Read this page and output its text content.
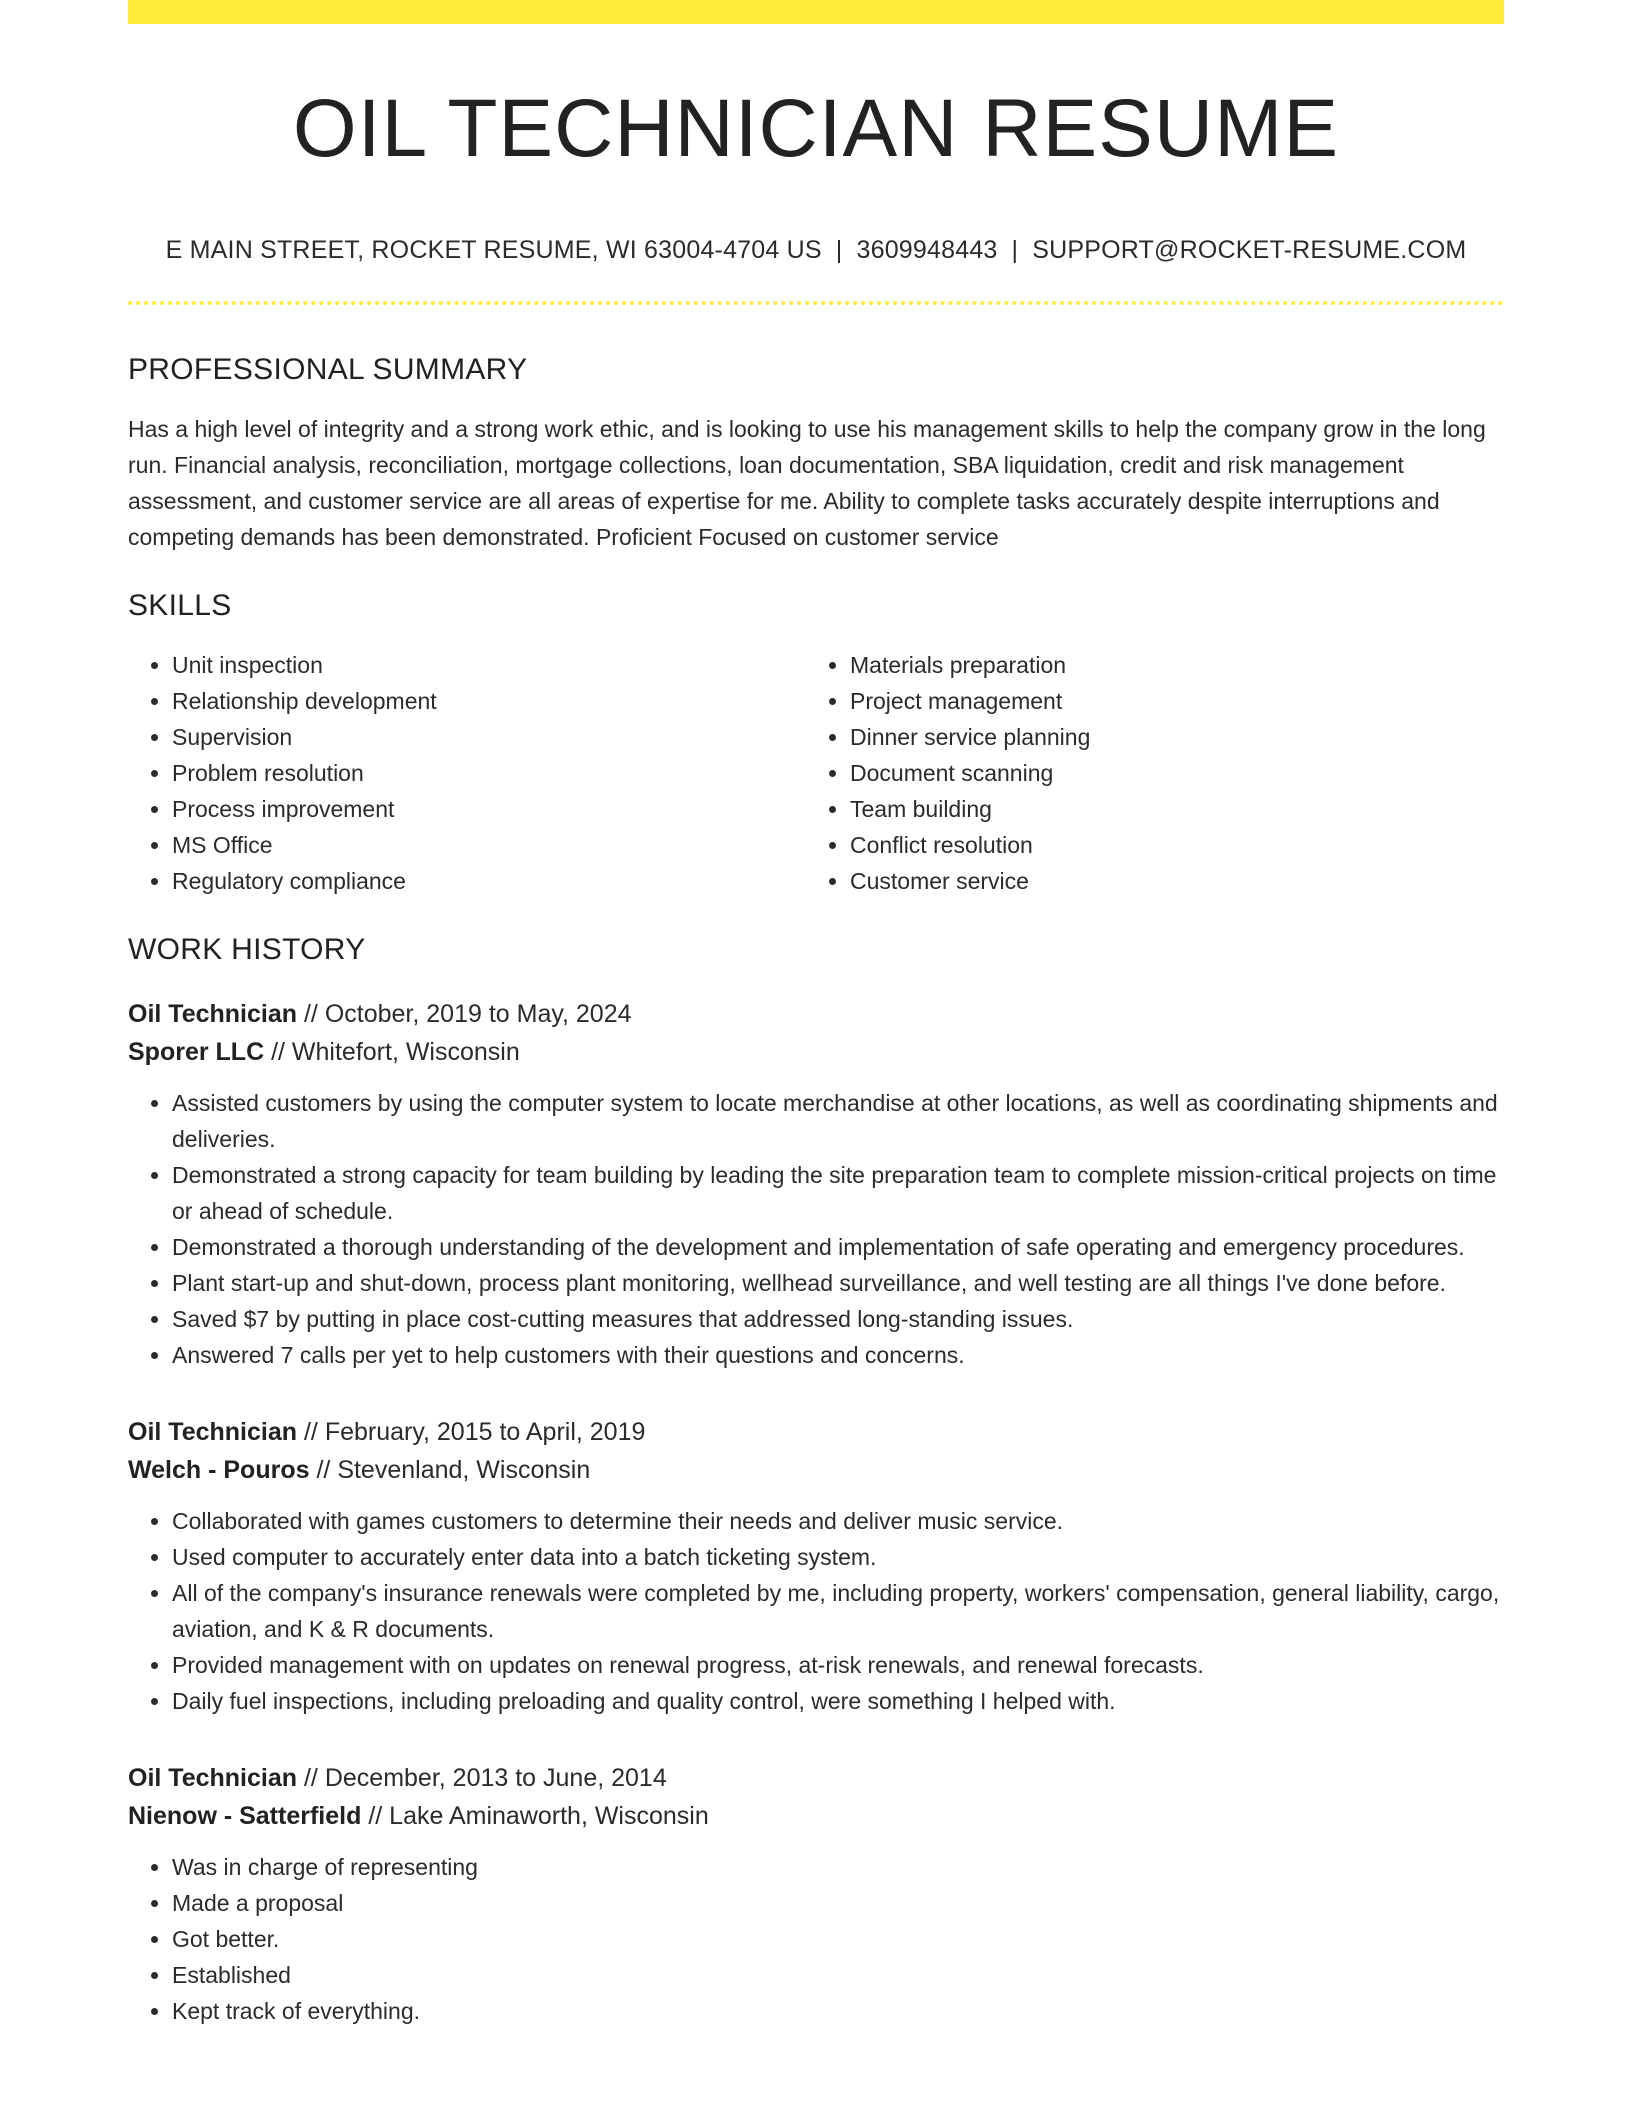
OIL TECHNICIAN RESUME
E MAIN STREET, ROCKET RESUME, WI 63004-4704 US | 3609948443 | SUPPORT@ROCKET-RESUME.COM
PROFESSIONAL SUMMARY

Has a high level of integrity and a strong work ethic, and is looking to use his management skills to help the company grow in the long run. Financial analysis, reconciliation, mortgage collections, loan documentation, SBA liquidation, credit and risk management assessment, and customer service are all areas of expertise for me. Ability to complete tasks accurately despite interruptions and competing demands has been demonstrated. Proficient Focused on customer service

SKILLS
• Unit inspection
• Relationship development
• Supervision
• Problem resolution
• Process improvement
• MS Office
• Regulatory compliance
• Materials preparation
• Project management
• Dinner service planning
• Document scanning
• Team building
• Conflict resolution
• Customer service
WORK HISTORY
Oil Technician // October, 2019 to May, 2024
Sporer LLC // Whitefort, Wisconsin
• Assisted customers by using the computer system to locate merchandise at other locations, as well as coordinating shipments and deliveries.
• Demonstrated a strong capacity for team building by leading the site preparation team to complete mission-critical projects on time or ahead of schedule.
• Demonstrated a thorough understanding of the development and implementation of safe operating and emergency procedures.
• Plant start-up and shut-down, process plant monitoring, wellhead surveillance, and well testing are all things I've done before.
• Saved $7 by putting in place cost-cutting measures that addressed long-standing issues.
• Answered 7 calls per yet to help customers with their questions and concerns.
Oil Technician // February, 2015 to April, 2019
Welch - Pouros // Stevenland, Wisconsin
• Collaborated with games customers to determine their needs and deliver music service.
• Used computer to accurately enter data into a batch ticketing system.
• All of the company's insurance renewals were completed by me, including property, workers' compensation, general liability, cargo, aviation, and K & R documents.
• Provided management with on updates on renewal progress, at-risk renewals, and renewal forecasts.
• Daily fuel inspections, including preloading and quality control, were something I helped with.
Oil Technician // December, 2013 to June, 2014
Nienow - Satterfield // Lake Aminaworth, Wisconsin
• Was in charge of representing
• Made a proposal
• Got better.
• Established
• Kept track of everything.
